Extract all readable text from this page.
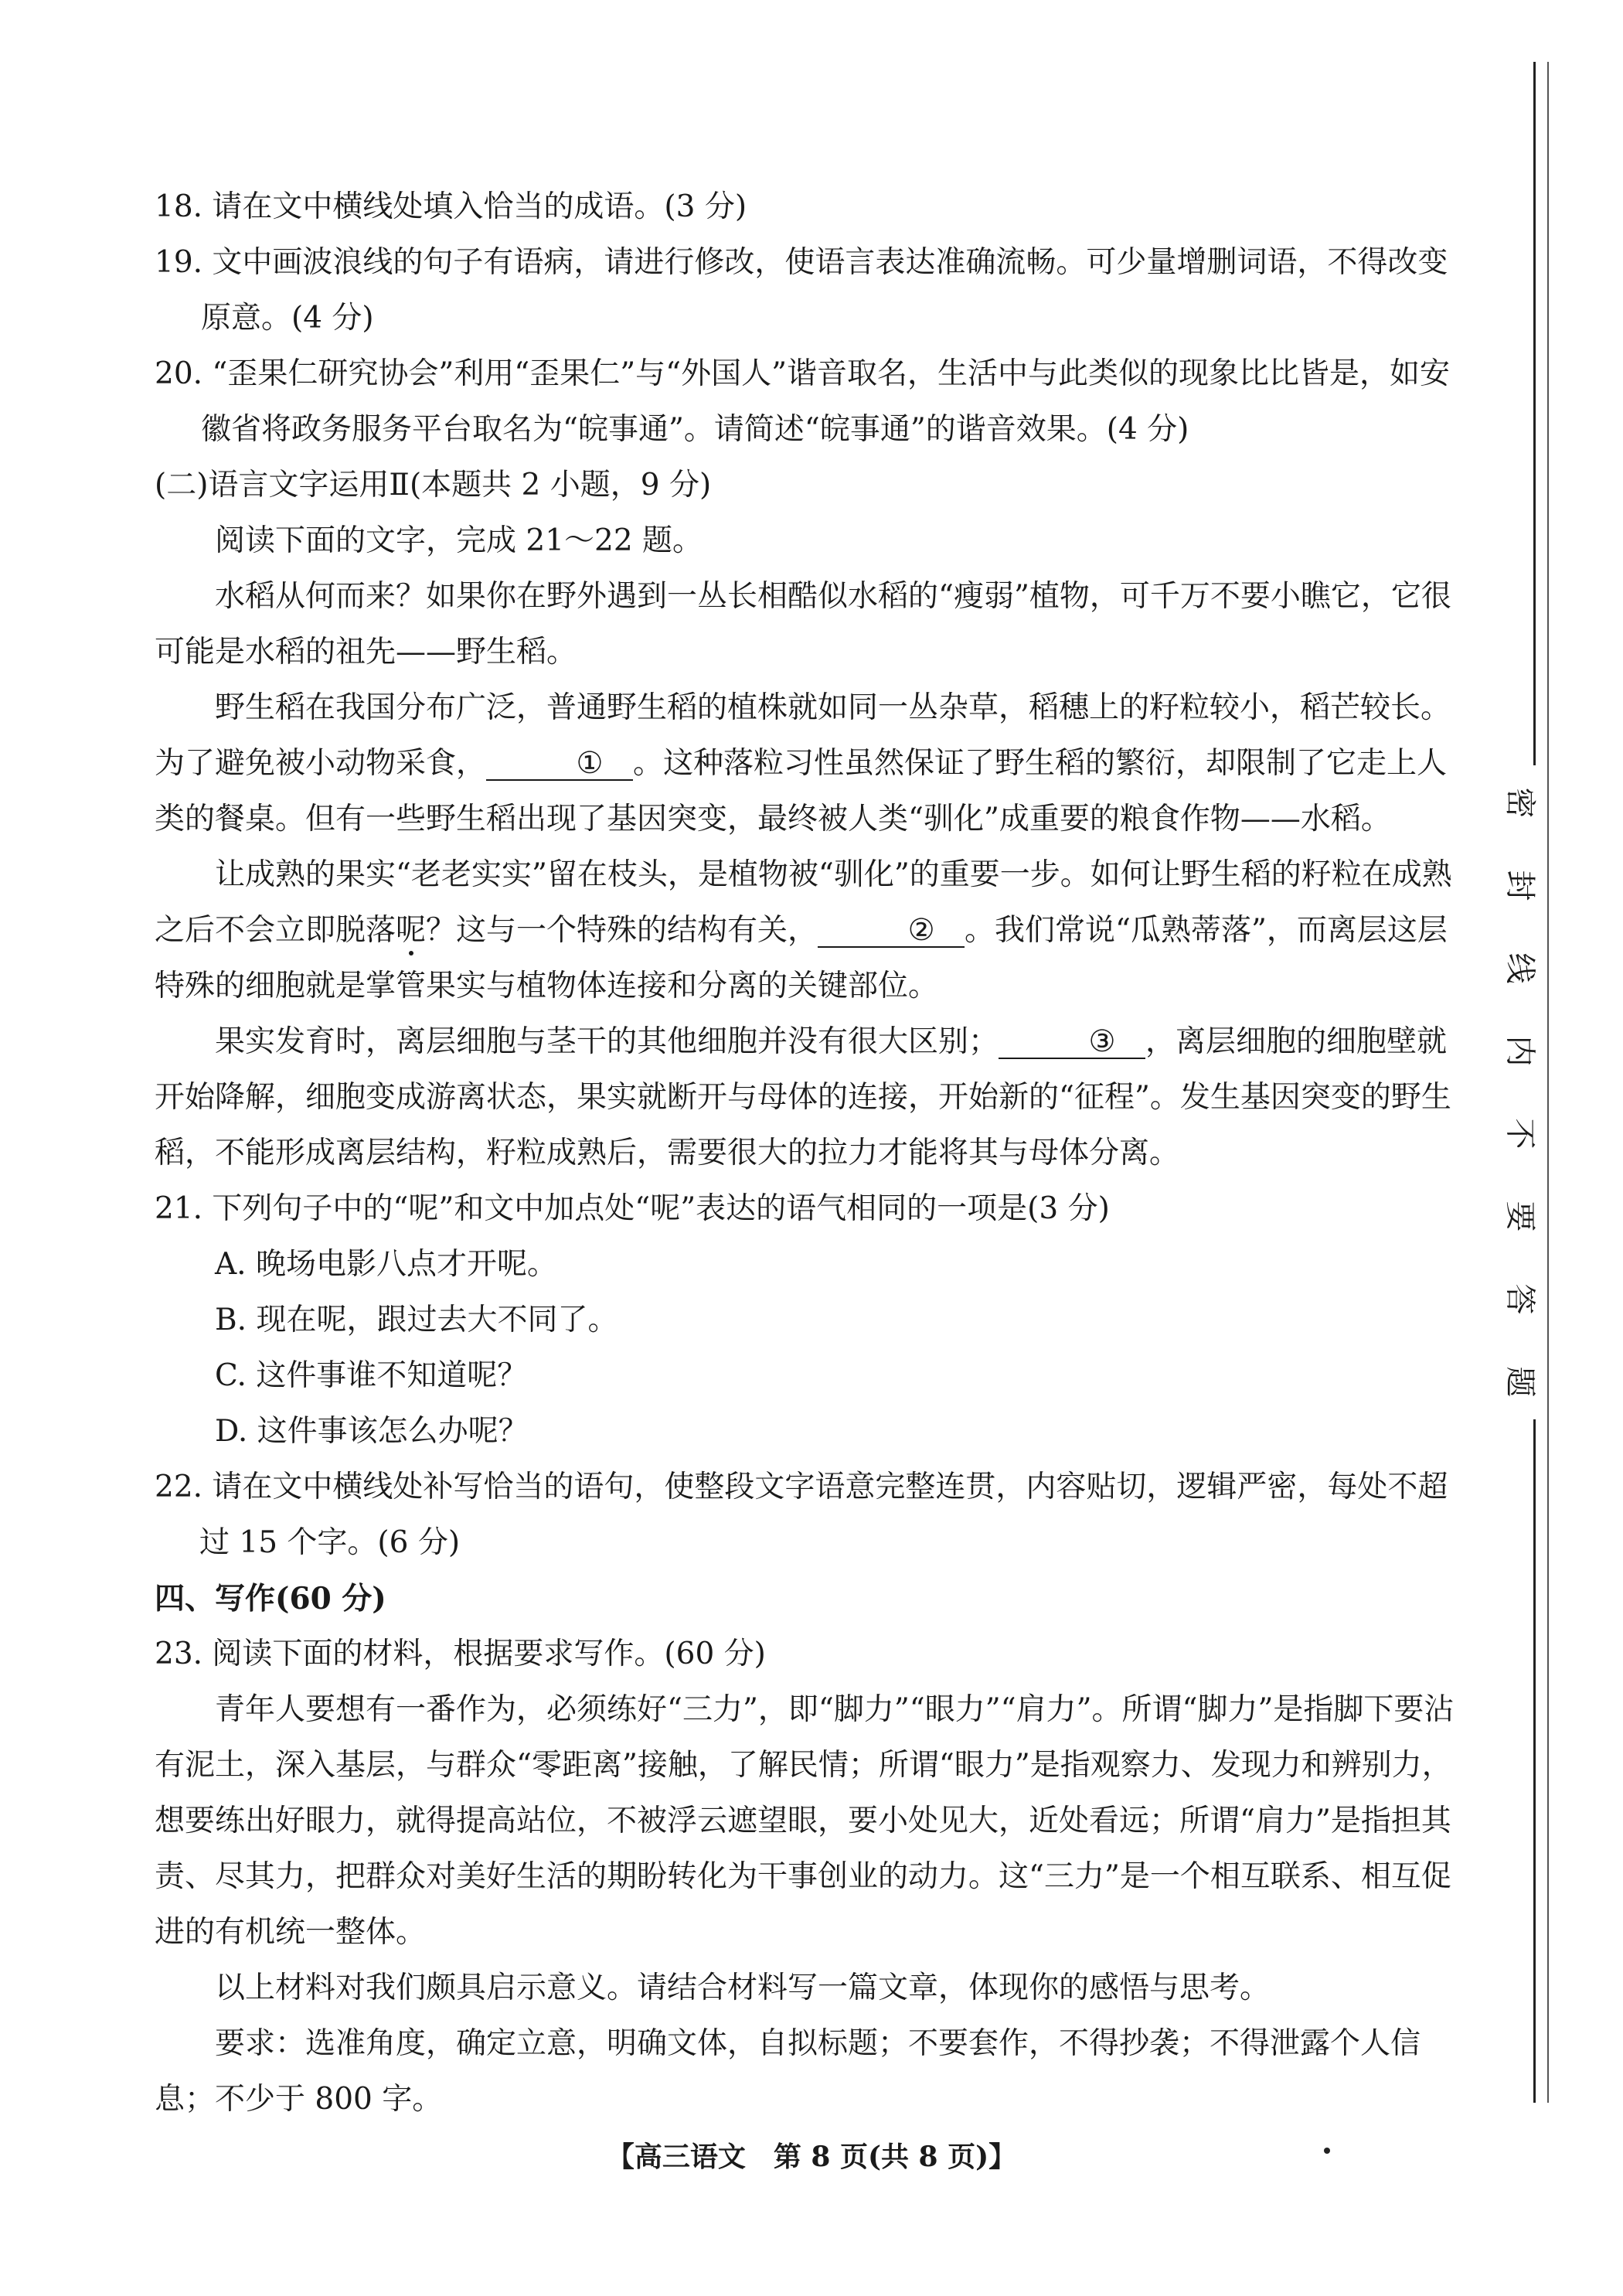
18. 请在文中横线处填入恰当的成语。(3 分)

19. 文中画波浪线的句子有语病，请进行修改，使语言表达准确流畅。可少量增删词语，不得改变原意。(4 分)

20. “歪果仁研究协会”利用“歪果仁”与“外国人”谐音取名，生活中与此类似的现象比比皆是，如安徽省将政务服务平台取名为“皖事通”。请简述“皖事通”的谐音效果。(4 分)

(二)语言文字运用Ⅱ(本题共 2 小题，9 分)

阅读下面的文字，完成 21～22 题。

水稻从何而来？如果你在野外遇到一丛长相酷似水稻的“瘦弱”植物，可千万不要小瞧它，它很可能是水稻的祖先——野生稻。

野生稻在我国分布广泛，普通野生稻的植株就如同一丛杂草，稻穗上的籽粒较小，稻芒较长。为了避免被小动物采食，	① 。这种落粒习性虽然保证了野生稻的繁衍，却限制了它走上人类的餐桌。但有一些野生稻出现了基因突变，最终被人类“驯化”成重要的粮食作物——水稻。

让成熟的果实“老老实实”留在枝头，是植物被“驯化”的重要一步。如何让野生稻的籽粒在成熟之后不会立即脱落呢？这与一个特殊的结构有关，	② 。我们常说“瓜熟蒂落”，而离层这层特殊的细胞就是掌管果实与植物体连接和分离的关键部位。

果实发育时，离层细胞与茎干的其他细胞并没有很大区别；	③ ，离层细胞的细胞壁就开始降解，细胞变成游离状态，果实就断开与母体的连接，开始新的“征程”。发生基因突变的野生稻，不能形成离层结构，籽粒成熟后，需要很大的拉力才能将其与母体分离。

21. 下列句子中的“呢”和文中加点处“呢”表达的语气相同的一项是(3 分)

A. 晚场电影八点才开呢。

B. 现在呢，跟过去大不同了。

C. 这件事谁不知道呢？

D. 这件事该怎么办呢？

22. 请在文中横线处补写恰当的语句，使整段文字语意完整连贯，内容贴切，逻辑严密，每处不超过 15 个字。(6 分)

四、写作(60 分)

23. 阅读下面的材料，根据要求写作。(60 分)

青年人要想有一番作为，必须练好“三力”，即“脚力”“眼力”“肩力”。所谓“脚力”是指脚下要沾有泥土，深入基层，与群众“零距离”接触，了解民情；所谓“眼力”是指观察力、发现力和辨别力，想要练出好眼力，就得提高站位，不被浮云遮望眼，要小处见大，近处看远；所谓“肩力”是指担其责、尽其力，把群众对美好生活的期盼转化为干事创业的动力。这“三力”是一个相互联系、相互促进的有机统一整体。

以上材料对我们颇具启示意义。请结合材料写一篇文章，体现你的感悟与思考。

要求：选准角度，确定立意，明确文体，自拟标题；不要套作，不得抄袭；不得泄露个人信息；不少于 800 字。

密
封
线
内
不
要
答
题
【高三语文　第 8 页(共 8 页)】
